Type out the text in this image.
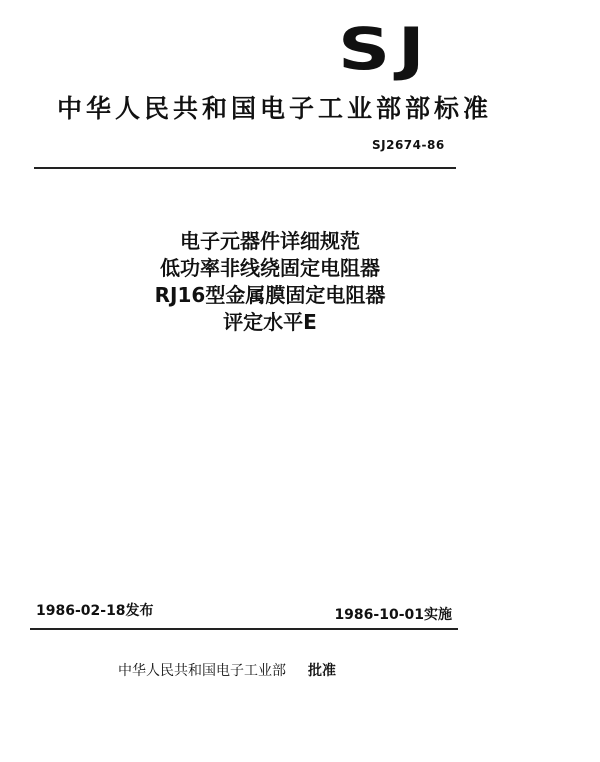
SJ
中华人民共和国电子工业部部标准
SJ2674-86
电子元器件详细规范
低功率非线绕固定电阻器
RJ16型金属膜固定电阻器
评定水平E
1986-02-18发布	1986-10-01实施
中华人民共和国电子工业部 批准
